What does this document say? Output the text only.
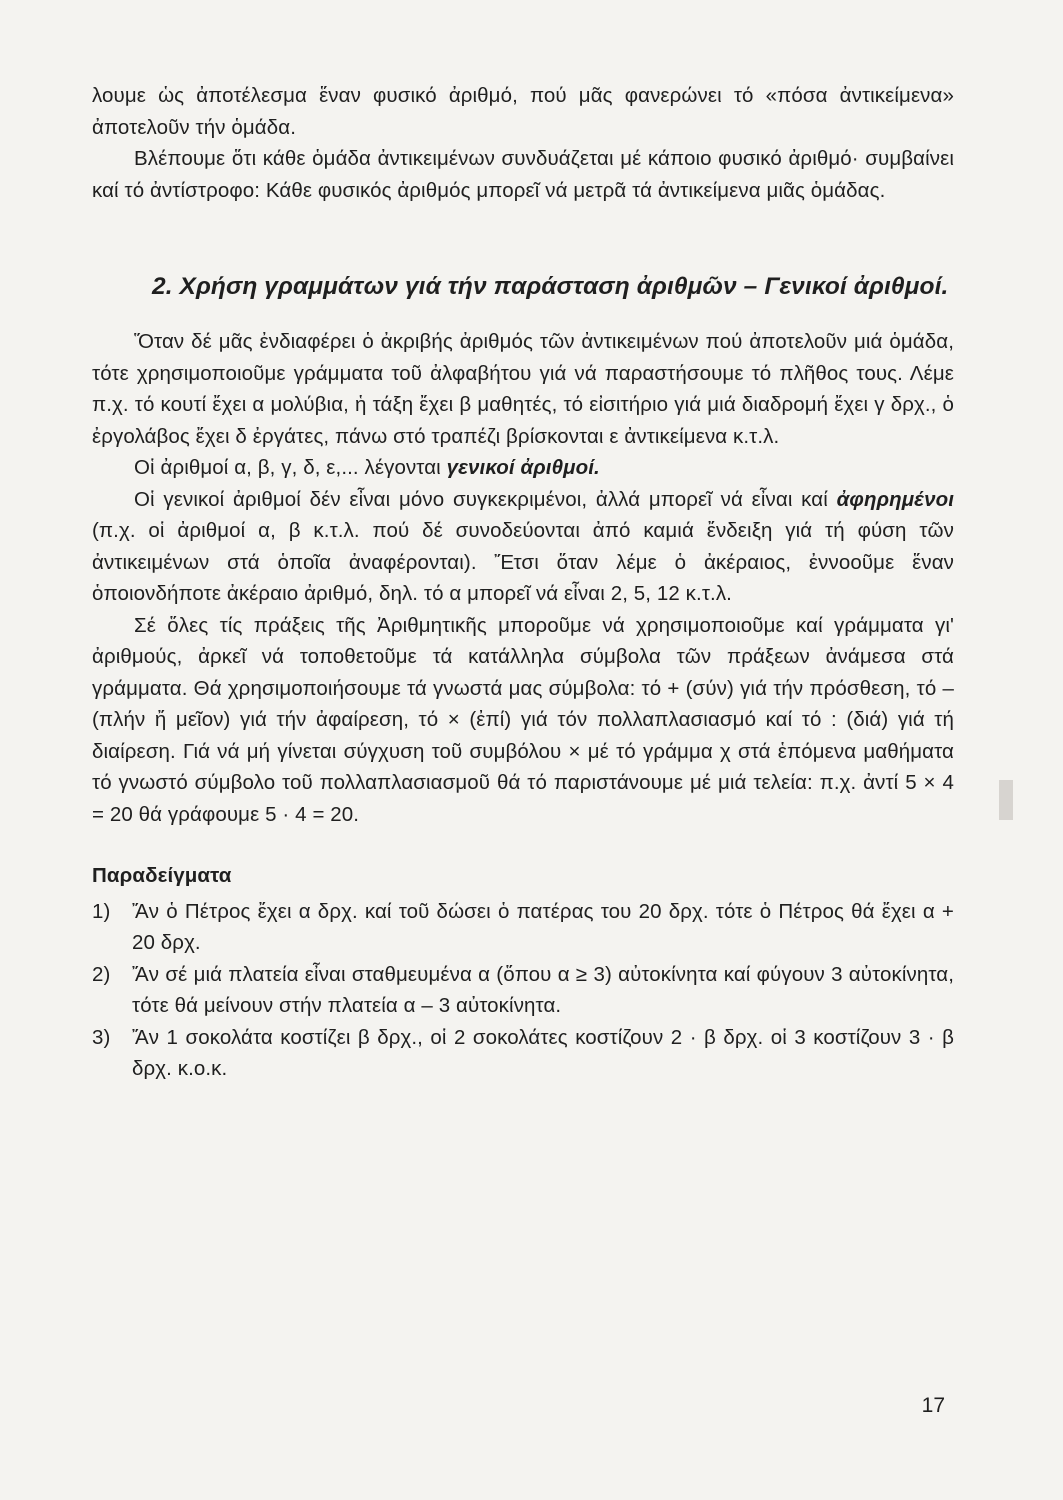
λουμε ὡς ἀποτέλεσμα ἕναν φυσικό ἀριθμό, πού μᾶς φανερώνει τό «πόσα ἀντικείμενα» ἀποτελοῦν τήν ὁμάδα.

Βλέπουμε ὅτι κάθε ὁμάδα ἀντικειμένων συνδυάζεται μέ κάποιο φυσικό ἀριθμό· συμβαίνει καί τό ἀντίστροφο: Κάθε φυσικός ἀριθμός μπορεῖ νά μετρᾶ τά ἀντικείμενα μιᾶς ὁμάδας.

2. Χρήση γραμμάτων γιά τήν παράσταση ἀριθμῶν – Γενικοί ἀριθμοί.

Ὅταν δέ μᾶς ἐνδιαφέρει ὁ ἀκριβής ἀριθμός τῶν ἀντικειμένων πού ἀποτελοῦν μιά ὁμάδα, τότε χρησιμοποιοῦμε γράμματα τοῦ ἀλφαβήτου γιά νά παραστήσουμε τό πλῆθος τους. Λέμε π.χ. τό κουτί ἔχει α μολύβια, ἡ τάξη ἔχει β μαθητές, τό εἰσιτήριο γιά μιά διαδρομή ἔχει γ δρχ., ὁ ἐργολάβος ἔχει δ ἐργάτες, πάνω στό τραπέζι βρίσκονται ε ἀντικείμενα κ.τ.λ.

Οἱ ἀριθμοί α, β, γ, δ, ε,... λέγονται γενικοί ἀριθμοί.

Οἱ γενικοί ἀριθμοί δέν εἶναι μόνο συγκεκριμένοι, ἀλλά μπορεῖ νά εἶναι καί ἀφηρημένοι (π.χ. οἱ ἀριθμοί α, β κ.τ.λ. πού δέ συνοδεύονται ἀπό καμιά ἔνδειξη γιά τή φύση τῶν ἀντικειμένων στά ὁποῖα ἀναφέρονται). Ἔτσι ὅταν λέμε ὁ ἀκέραιος, ἐννοοῦμε ἕναν ὁποιονδήποτε ἀκέραιο ἀριθμό, δηλ. τό α μπορεῖ νά εἶναι 2, 5, 12 κ.τ.λ.

Σέ ὅλες τίς πράξεις τῆς Ἀριθμητικῆς μποροῦμε νά χρησιμοποιοῦμε καί γράμματα γι' ἀριθμούς, ἀρκεῖ νά τοποθετοῦμε τά κατάλληλα σύμβολα τῶν πράξεων ἀνάμεσα στά γράμματα. Θά χρησιμοποιήσουμε τά γνωστά μας σύμβολα: τό + (σύν) γιά τήν πρόσθεση, τό – (πλήν ἤ μεῖον) γιά τήν ἀφαίρεση, τό × (ἐπί) γιά τόν πολλαπλασιασμό καί τό : (διά) γιά τή διαίρεση. Γιά νά μή γίνεται σύγχυση τοῦ συμβόλου × μέ τό γράμμα χ στά ἑπόμενα μαθήματα τό γνωστό σύμβολο τοῦ πολλαπλασιασμοῦ θά τό παριστάνουμε μέ μιά τελεία: π.χ. ἀντί 5 × 4 = 20 θά γράφουμε 5 · 4 = 20.

Παραδείγματα
1) Ἄν ὁ Πέτρος ἔχει α δρχ. καί τοῦ δώσει ὁ πατέρας του 20 δρχ. τότε ὁ Πέτρος θά ἔχει α + 20 δρχ.
2) Ἄν σέ μιά πλατεία εἶναι σταθμευμένα α (ὅπου α ≥ 3) αὐτοκίνητα καί φύγουν 3 αὐτοκίνητα, τότε θά μείνουν στήν πλατεία α – 3 αὐτοκίνητα.
3) Ἄν 1 σοκολάτα κοστίζει β δρχ., οἱ 2 σοκολάτες κοστίζουν 2 · β δρχ. οἱ 3 κοστίζουν 3 · β δρχ. κ.ο.κ.
17
